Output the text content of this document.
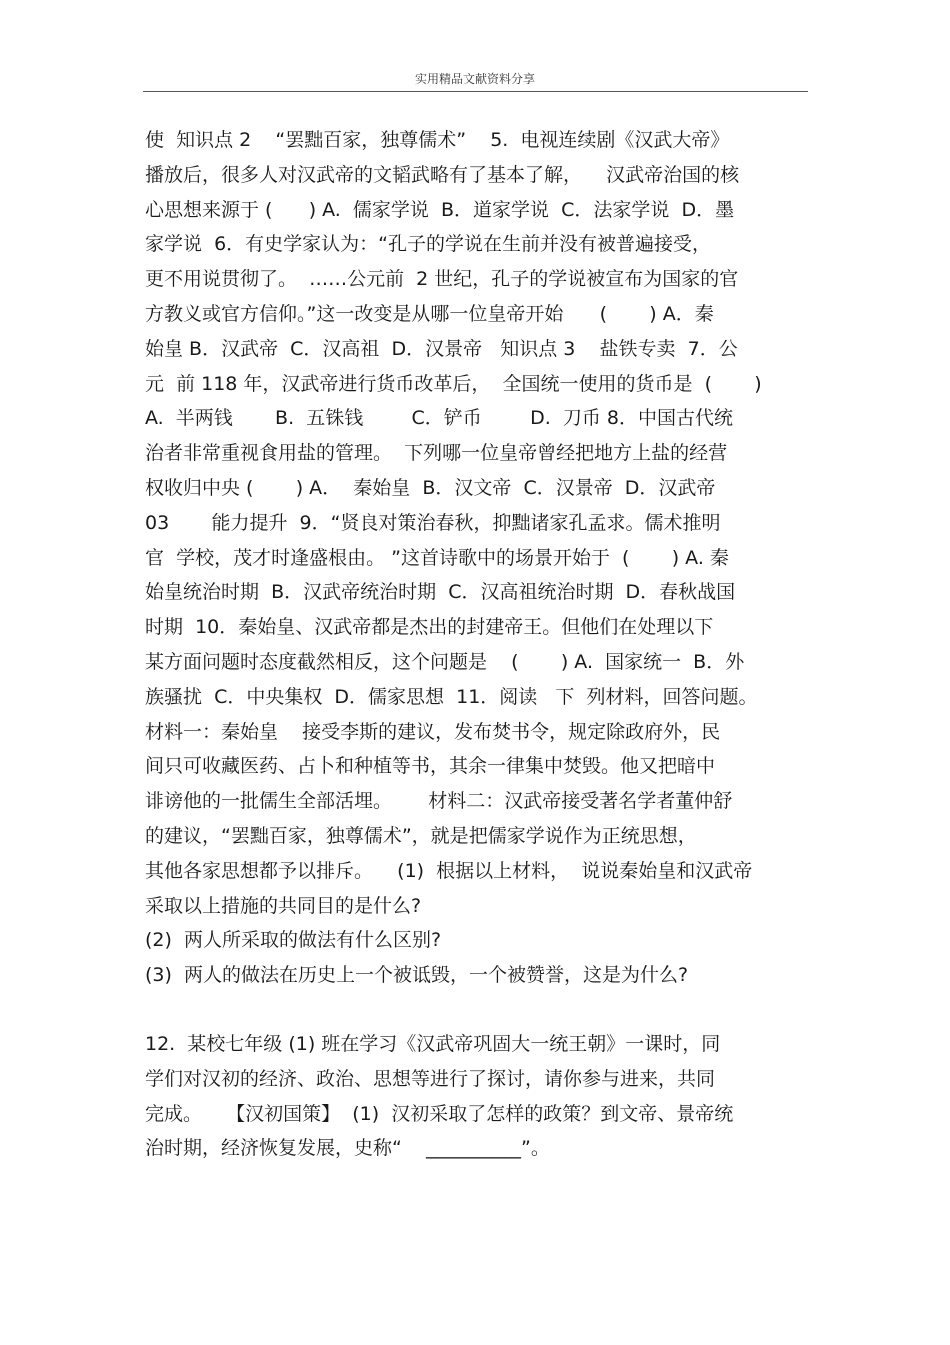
实用精品文献资料分享
使  知识点 2    “罢黜百家，独尊儒术”    5.  电视连续剧《汉武大帝》
播放后，很多人对汉武帝的文韬武略有了基本了解，    汉武帝治国的核
心思想来源于 (      ) A.  儒家学说  B．道家学说  C．法家学说  D．墨
家学说  6．有史学家认为：“孔子的学说在生前并没有被普遍接受，
更不用说贯彻了。  ……公元前  2 世纪，孔子的学说被宣布为国家的官
方教义或官方信仰。”这一改变是从哪一位皇帝开始      (       ) A．秦
始皇 B．汉武帝  C．汉高祖  D．汉景帝   知识点 3    盐铁专卖  7．公
元  前 118 年，汉武帝进行货币改革后，  全国统一使用的货币是  (       )
A.  半两钱       B.  五铢钱        C．铲币        D.  刀币 8．中国古代统
治者非常重视食用盐的管理。  下列哪一位皇帝曾经把地方上盐的经营
权收归中央 (       ) A．  秦始皇  B．汉文帝  C．汉景帝  D．汉武帝
03       能力提升  9．“贤良对策治春秋，抑黜诸家孔孟求。儒术推明
官  学校，茂才时逢盛根由。 ”这首诗歌中的场景开始于  (       ) A. 秦
始皇统治时期  B．汉武帝统治时期  C．汉高祖统治时期  D．春秋战国
时期  10．秦始皇、汉武帝都是杰出的封建帝王。但他们在处理以下
某方面问题时态度截然相反，这个问题是    (       ) A.  国家统一  B．外
族骚扰  C．中央集权  D．儒家思想  11．阅读   下  列材料，回答问题。
材料一：秦始皇    接受李斯的建议，发布焚书令，规定除政府外，民
间只可收藏医药、占卜和种植等书，其余一律集中焚毁。他又把暗中
诽谤他的一批儒生全部活埋。      材料二：汉武帝接受著名学者董仲舒
的建议，“罢黜百家，独尊儒术”，就是把儒家学说作为正统思想，
其他各家思想都予以排斥。    (1)  根据以上材料，  说说秦始皇和汉武帝
采取以上措施的共同目的是什么?
(2)  两人所采取的做法有什么区别?
(3)  两人的做法在历史上一个被诋毁，一个被赞誉，这是为什么?
12.  某校七年级 (1) 班在学习《汉武帝巩固大一统王朝》一课时，同
学们对汉初的经济、政治、思想等进行了探讨，请你参与进来，共同
完成。    【汉初国策】  (1)  汉初采取了怎样的政策？到文帝、景帝统
治时期，经济恢复发展，史称“    __________”。
